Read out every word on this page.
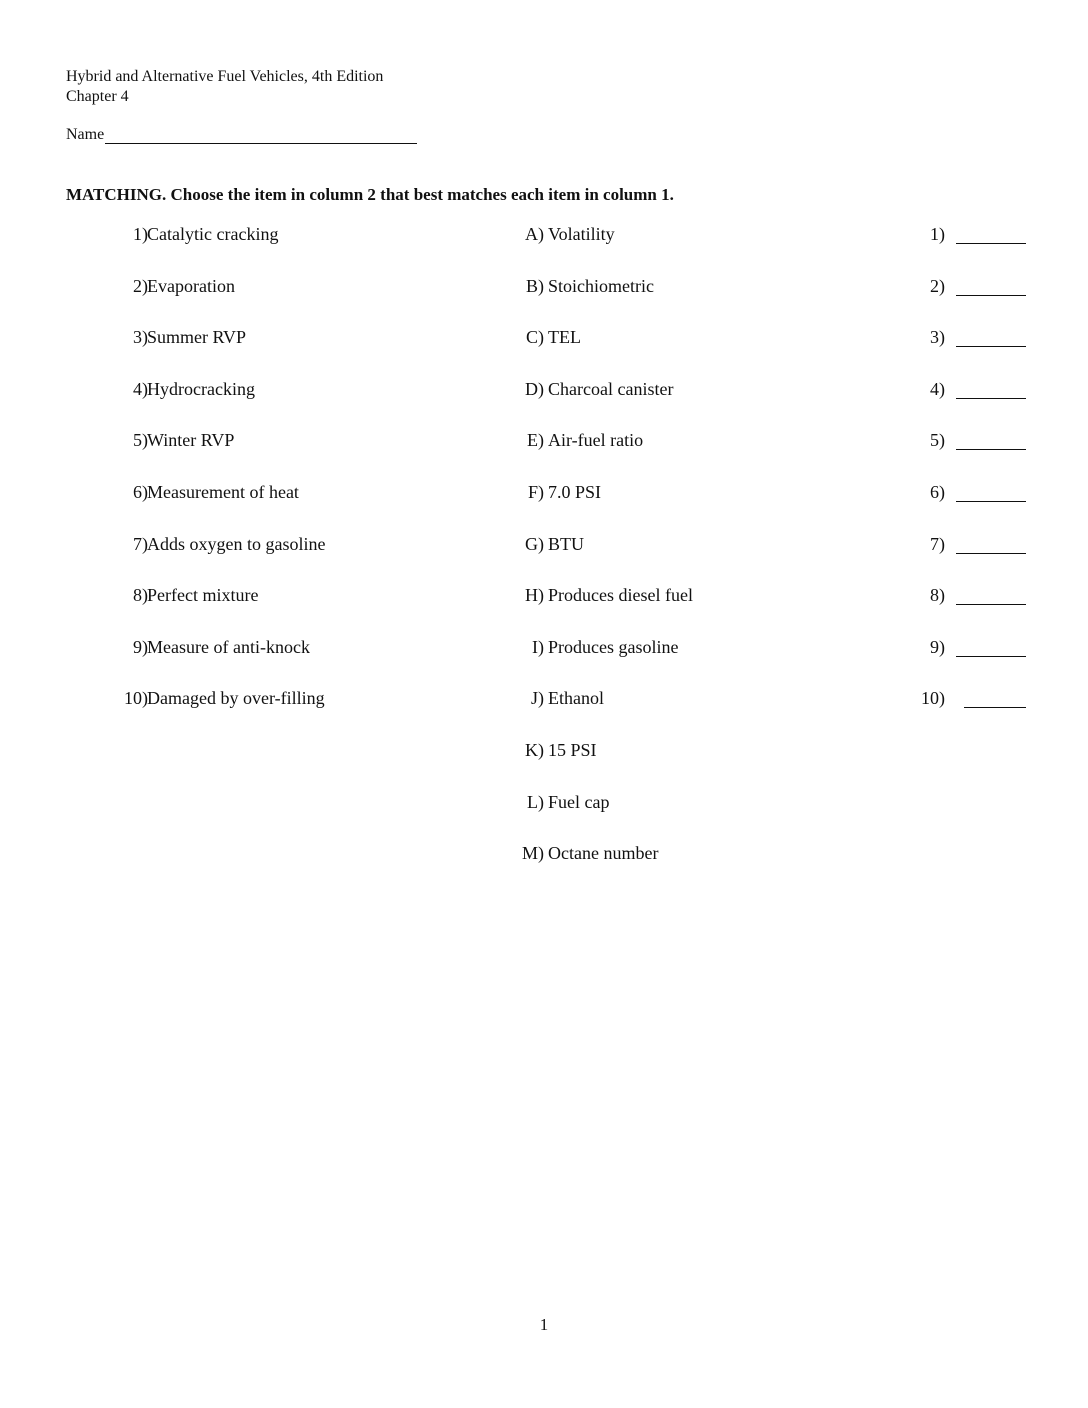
Hybrid and Alternative Fuel Vehicles, 4th Edition
Chapter 4
Name
MATCHING. Choose the item in column 2 that best matches each item in column 1.
1) Catalytic cracking	A) Volatility	1)
2) Evaporation	B) Stoichiometric	2)
3) Summer RVP	C) TEL	3)
4) Hydrocracking	D) Charcoal canister	4)
5) Winter RVP	E) Air-fuel ratio	5)
6) Measurement of heat	F) 7.0 PSI	6)
7) Adds oxygen to gasoline	G) BTU	7)
8) Perfect mixture	H) Produces diesel fuel	8)
9) Measure of anti-knock	I) Produces gasoline	9)
10) Damaged by over-filling	J) Ethanol	10)
K) 15 PSI
L) Fuel cap
M) Octane number
1
